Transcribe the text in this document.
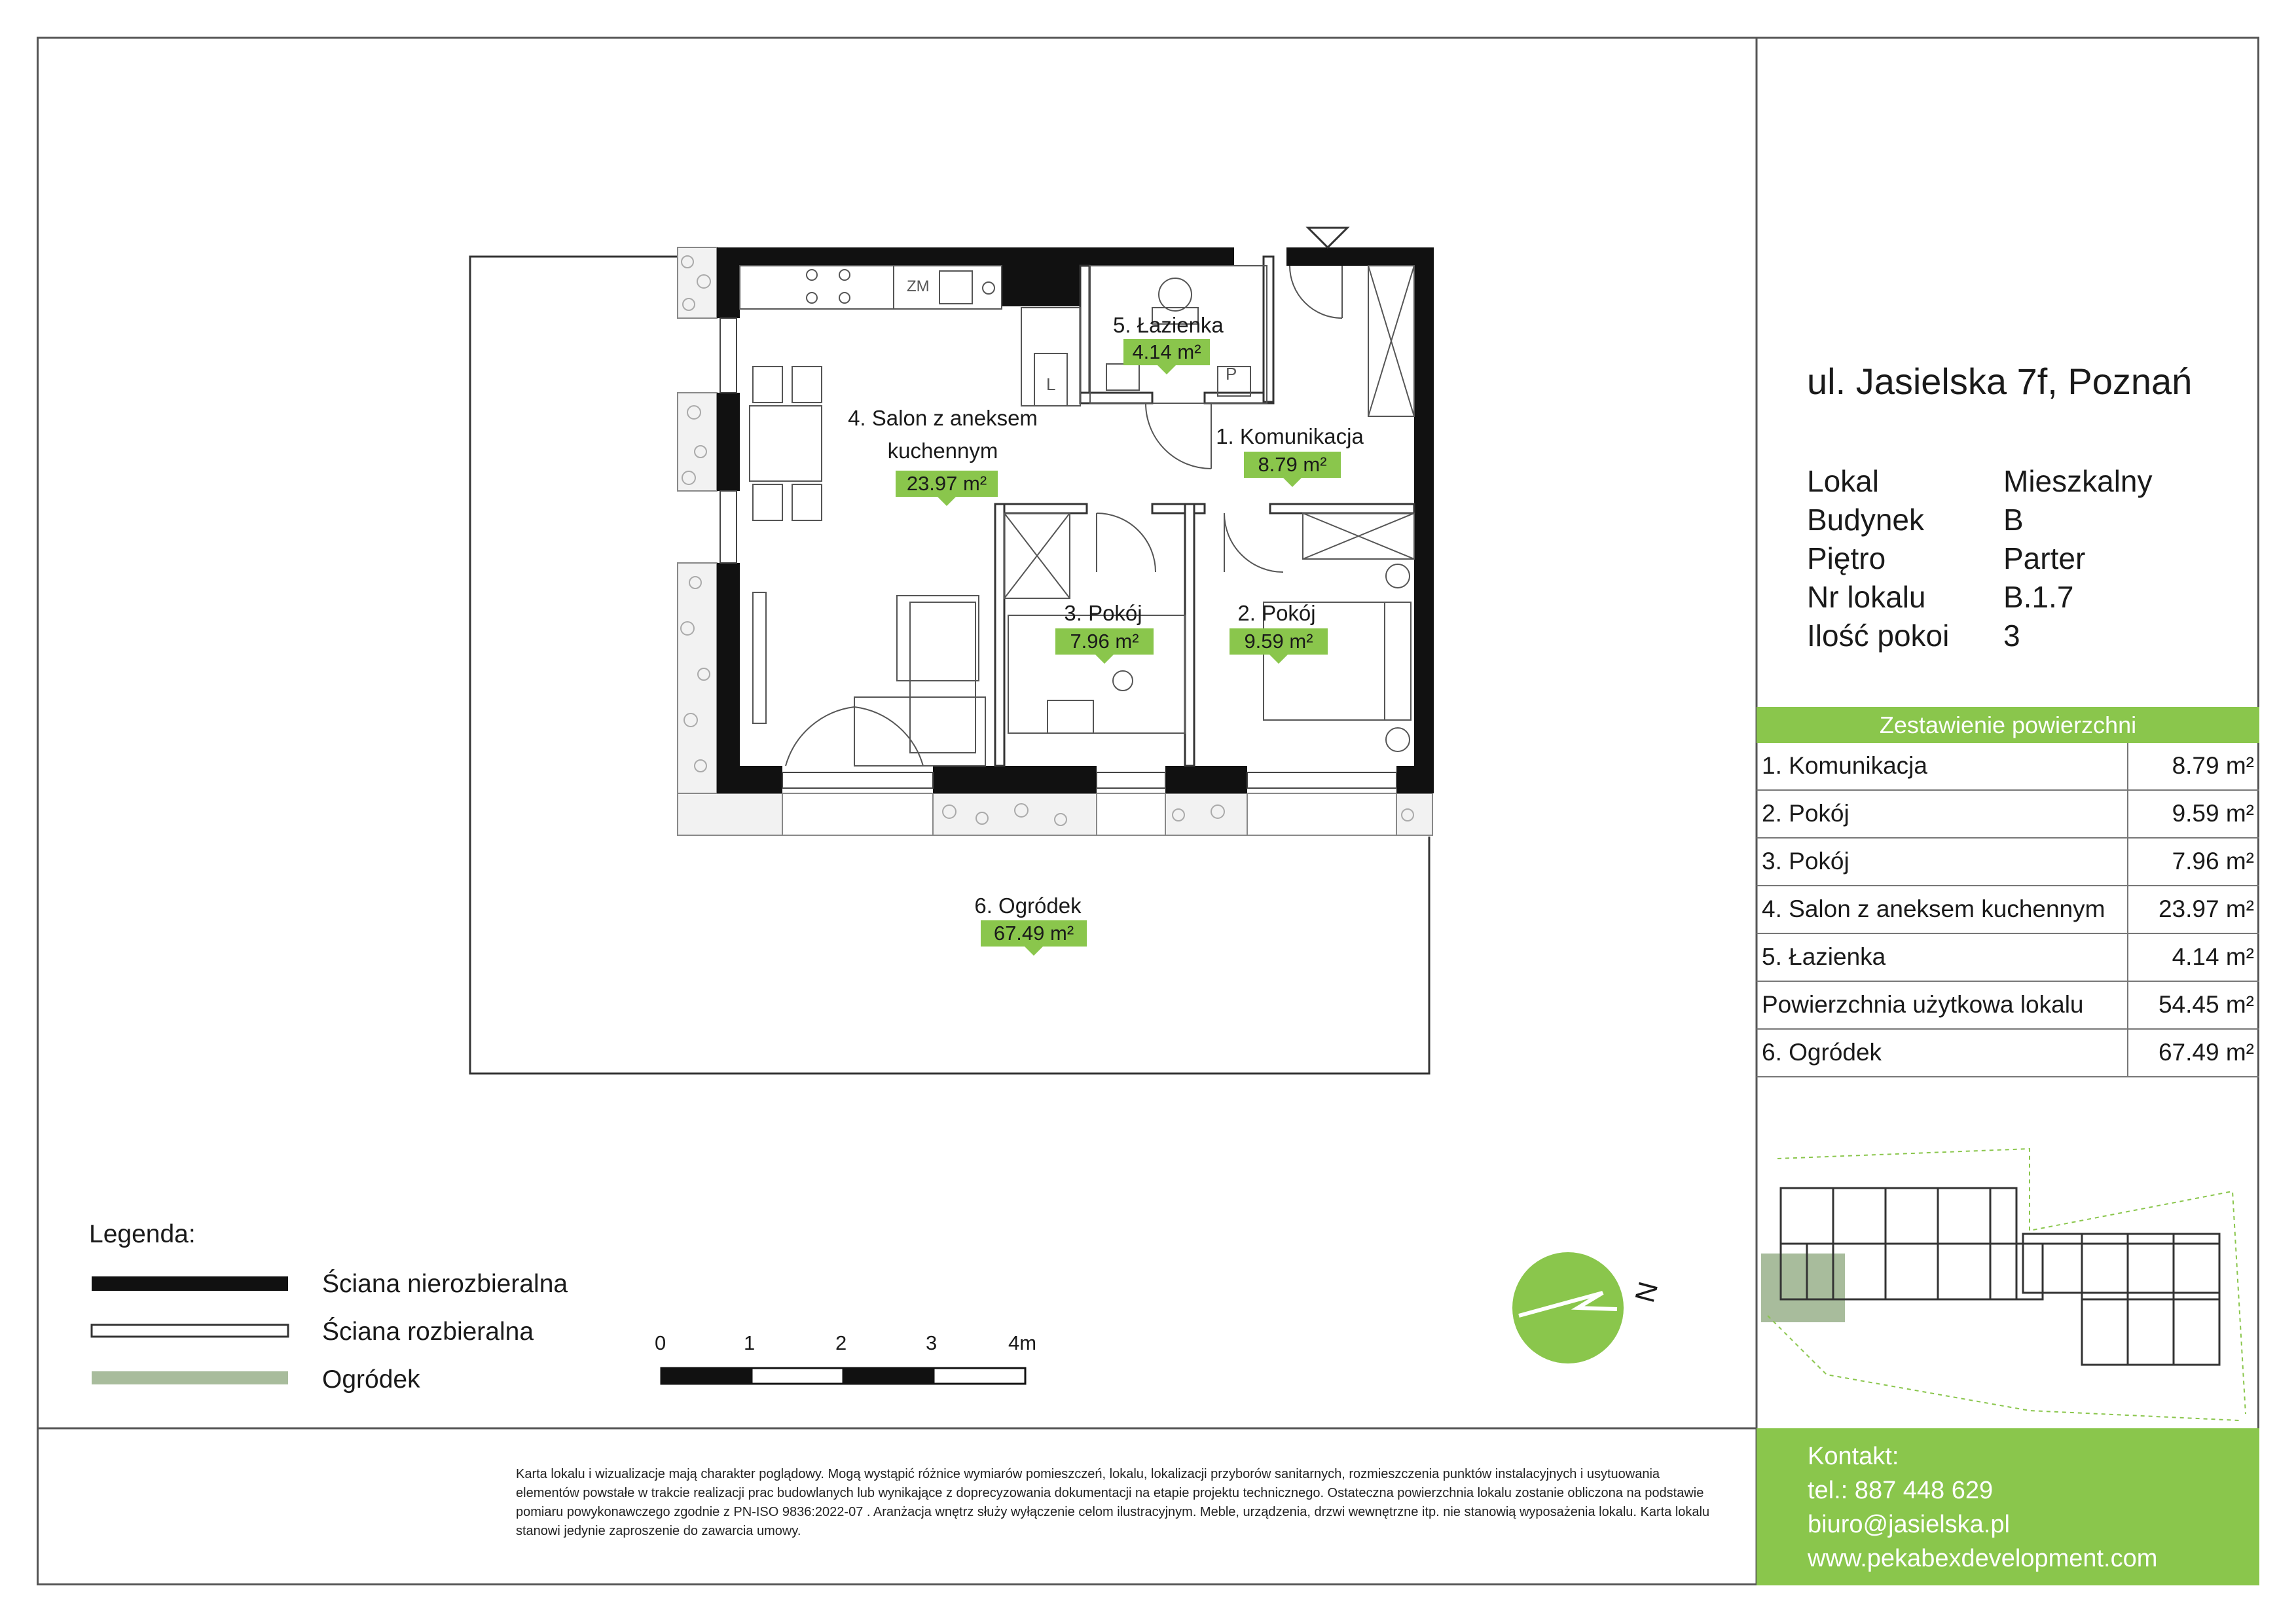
5. Łazienka
4.14 m²
4. Salon z aneksem
kuchennym
23.97 m²
1. Komunikacja
8.79 m²
3. Pokój
7.96 m²
2. Pokój
9.59 m²
6. Ogródek
67.49 m²
ZM
L
P	ul. Jasielska 7f, Poznań
Lokal	Mieszkalny
Budynek	B
Piętro	Parter
Nr lokalu	B.1.7
Ilość pokoi 3
Zestawienie powierzchni
1. Komunikacja	8.79 m²
2. Pokój	9.59 m²
3. Pokój	7.96 m²
4. Salon z aneksem kuchennym 23.97 m²
5. Łazienka	4.14 m²
Powierzchnia użytkowa lokalu	54.45 m²
6. Ogródek	67.49 m²
Legenda:
Ściana nierozbieralna
Ściana rozbieralna
Ogródek
0	1	2	3	4m
N
Karta lokalu i wizualizacje mają charakter poglądowy. Mogą wystąpić różnice wymiarów pomieszczeń, lokalu, lokalizacji przyborów sanitarnych, rozmieszczenia punktów instalacyjnych i usytuowania elementów powstałe w trakcie realizacji prac budowlanych lub wynikające z doprecyzowania dokumentacji na etapie projektu technicznego. Ostateczna powierzchnia lokalu zostanie obliczona na podstawie pomiaru powykonawczego zgodnie z PN-ISO 9836:2022-07 . Aranżacja wnętrz służy wyłączenie celom ilustracyjnym. Meble, urządzenia, drzwi wewnętrzne itp. nie stanowią wyposażenia lokalu. Karta lokalu stanowi jedynie zaproszenie do zawarcia umowy.
Kontakt:
tel.: 887 448 629
biuro@jasielska.pl
www.pekabexdevelopment.com
